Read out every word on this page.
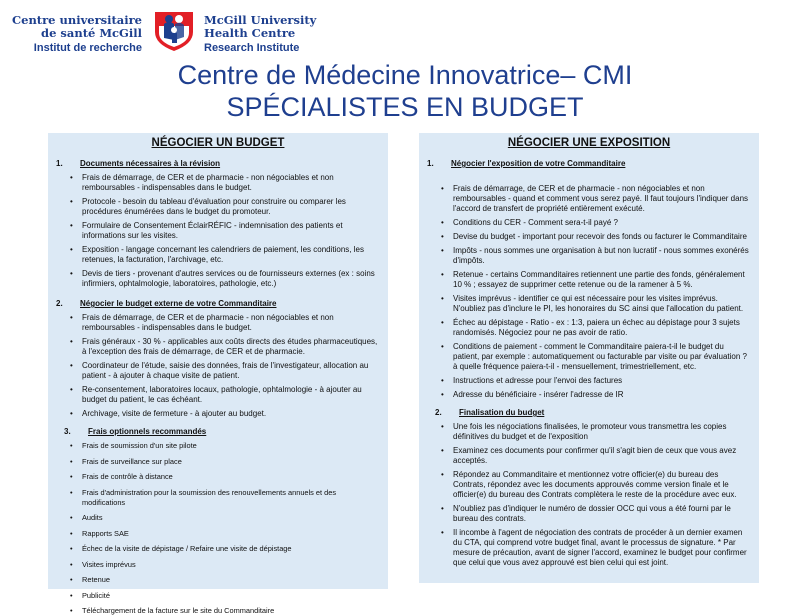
Centre universitaire
de santé McGill
Institut de recherche
McGill University
Health Centre
Research Institute
Centre de Médecine Innovatrice– CMI
SPÉCIALISTES EN BUDGET
NÉGOCIER UN BUDGET
1.	Documents nécessaires à la révision
• Frais de démarrage, de CER et de pharmacie - non négociables et non remboursables - indispensables dans le budget.
• Protocole - besoin du tableau d'évaluation pour construire ou comparer les procédures énumérées dans le budget du promoteur.
• Formulaire de Consentement ÉclairRÉFIC - indemnisation des patients et informations sur les visites.
• Exposition - langage concernant les calendriers de paiement, les conditions, les retenues, la facturation, l'archivage, etc.
• Devis de tiers - provenant d'autres services ou de fournisseurs externes (ex : soins infirmiers, ophtalmologie, laboratoires, pathologie, etc.)
2.	Négocier le budget externe de votre Commanditaire
• Frais de démarrage, de CER et de pharmacie - non négociables et non remboursables - indispensables dans le budget.
• Frais généraux - 30 % - applicables aux coûts directs des études pharmaceutiques, à l'exception des frais de démarrage, de CER et de pharmacie.
• Coordinateur de l'étude, saisie des données, frais de l'investigateur, allocation au patient - à ajouter à chaque visite de patient.
• Re-consentement, laboratoires locaux, pathologie, ophtalmologie - à ajouter au budget du patient, le cas échéant.
• Archivage, visite de fermeture - à ajouter au budget.
3.	Frais optionnels recommandés
• Frais de soumission d'un site pilote
• Frais de surveillance sur place
• Frais de contrôle à distance
• Frais d'administration pour la soumission des renouvellements annuels et des modifications
• Audits
• Rapports SAE
• Échec de la visite de dépistage / Refaire une visite de dépistage
• Visites imprévus
• Retenue
• Publicité
• Téléchargement de la facture sur le site du Commanditaire
NÉGOCIER UNE EXPOSITION
1.	Négocier l'exposition de votre Commanditaire
• Frais de démarrage, de CER et de pharmacie - non négociables et non remboursables - quand et comment vous serez payé. Il faut toujours l'indiquer dans l'accord de transfert de propriété entièrement exécuté.
• Conditions du CER - Comment sera-t-il payé ?
• Devise du budget - important pour recevoir des fonds ou facturer le Commanditaire
• Impôts - nous sommes une organisation à but non lucratif - nous sommes exonérés d'impôts.
• Retenue - certains Commanditaires retiennent une partie des fonds, généralement 10 % ; essayez de supprimer cette retenue ou de la ramener à 5 %.
• Visites imprévus - identifier ce qui est nécessaire pour les visites imprévus. N'oubliez pas d'inclure le PI, les honoraires du SC ainsi que l'allocation du patient.
• Échec au dépistage - Ratio - ex : 1:3, paiera un échec au dépistage pour 3 sujets randomisés. Négociez pour ne pas avoir de ratio.
• Conditions de paiement - comment le Commanditaire paiera-t-il le budget du patient, par exemple : automatiquement ou facturable par visite ou par évaluation ? à quelle fréquence paiera-t-il - mensuellement, trimestriellement, etc.
• Instructions et adresse pour l'envoi des factures
• Adresse du bénéficiaire - insérer l'adresse de IR
2.	Finalisation du budget
• Une fois les négociations finalisées, le promoteur vous transmettra les copies définitives du budget et de l'exposition
• Examinez ces documents pour confirmer qu'il s'agit bien de ceux que vous avez acceptés.
• Répondez au Commanditaire et mentionnez votre officier(e) du bureau des Contrats, répondez avec les documents approuvés comme version finale et le officier(e) du bureau des Contrats complètera le reste de la procédure avec eux.
• N'oubliez pas d'indiquer le numéro de dossier OCC qui vous a été fourni par le bureau des contrats.
• Il incombe à l'agent de négociation des contrats de procéder à un dernier examen du CTA, qui comprend votre budget final, avant le processus de signature. * Par mesure de précaution, avant de signer l'accord, examinez le budget pour confirmer que celui que vous avez approuvé est bien celui qui est joint.
